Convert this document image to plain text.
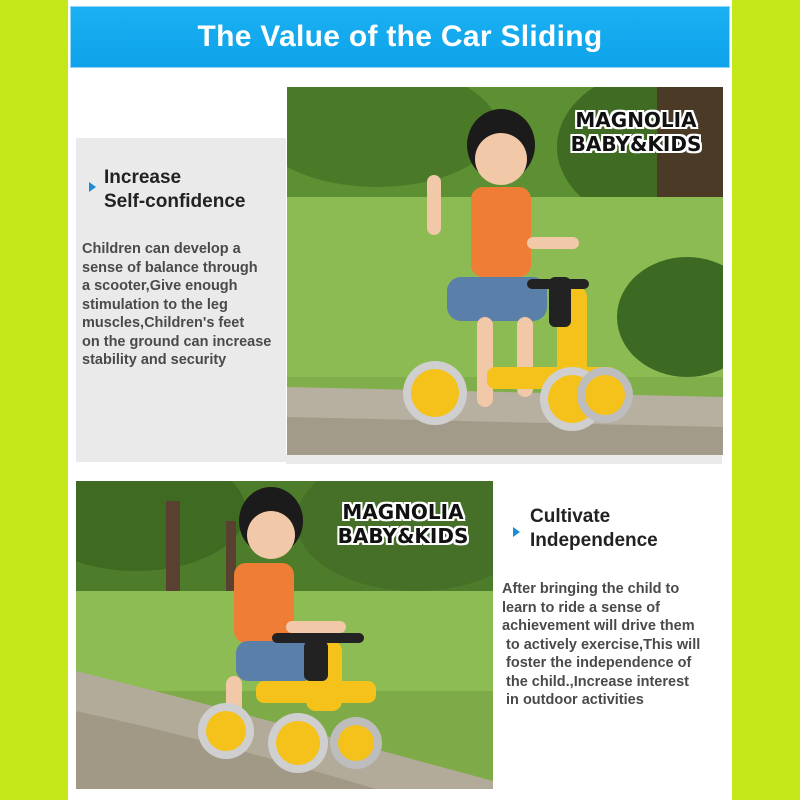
The Value of the Car Sliding
Increase
Self-confidence
Children can develop a
sense of balance through
a scooter,Give enough
stimulation to the leg
muscles,Children's feet
on the ground can increase
stability and security
MAGNOLIA
BABY&KIDS
MAGNOLIA
BABY&KIDS
Cultivate
Independence
After bringing the child to
learn to ride a sense of
achievement will drive them
to actively exercise,This will
foster the independence of
the child.,Increase interest
in outdoor activities
